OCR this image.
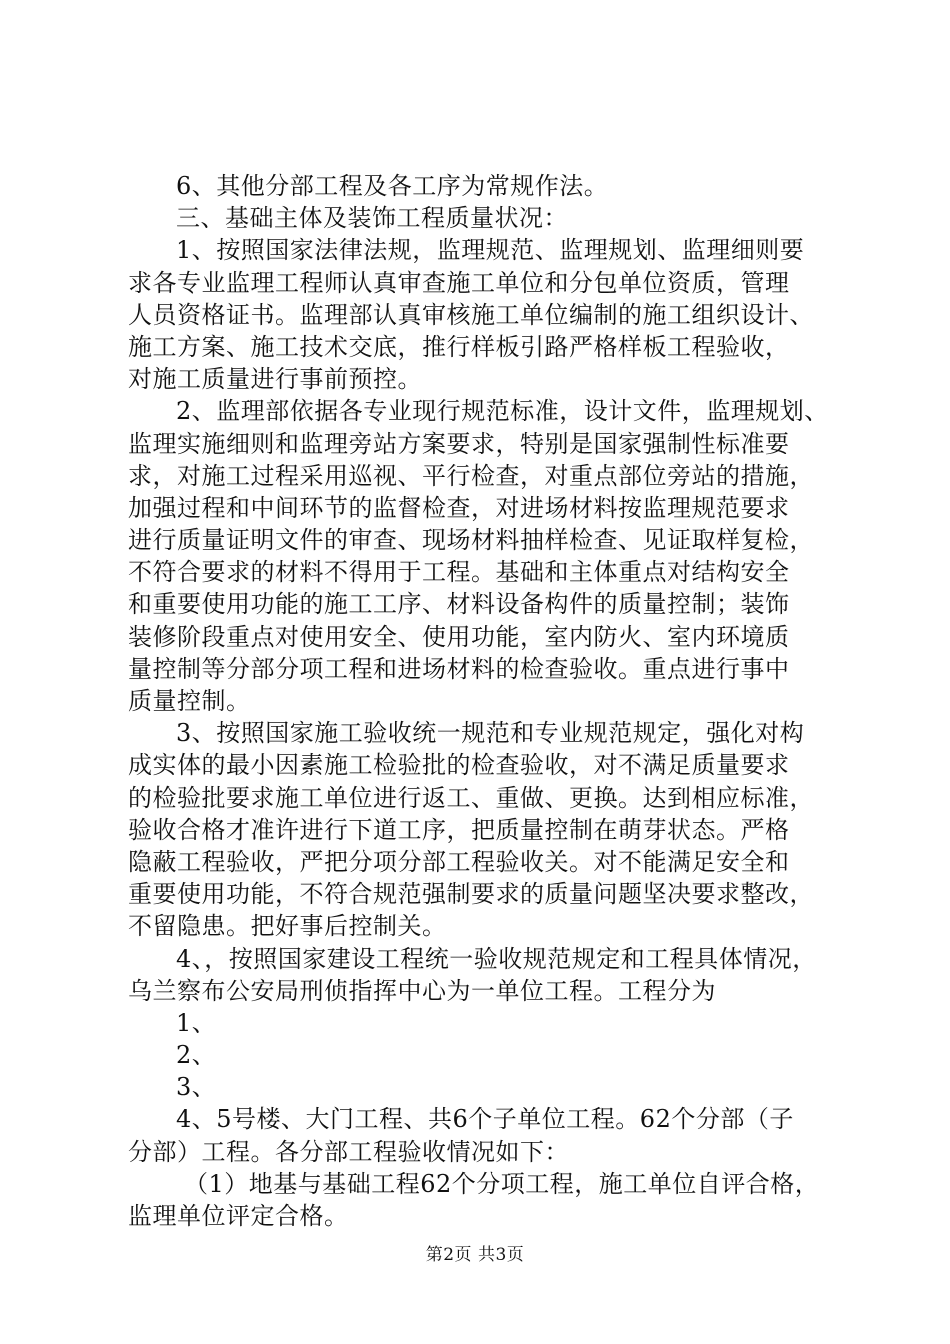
6、其他分部工程及各工序为常规作法。
三、基础主体及装饰工程质量状况：
1、按照国家法律法规，监理规范、监理规划、监理细则要
求各专业监理工程师认真审查施工单位和分包单位资质，管理
人员资格证书。监理部认真审核施工单位编制的施工组织设计、
施工方案、施工技术交底，推行样板引路严格样板工程验收，
对施工质量进行事前预控。
2、监理部依据各专业现行规范标准，设计文件，监理规划、
监理实施细则和监理旁站方案要求，特别是国家强制性标准要
求，对施工过程采用巡视、平行检查，对重点部位旁站的措施，
加强过程和中间环节的监督检查，对进场材料按监理规范要求
进行质量证明文件的审查、现场材料抽样检查、见证取样复检，
不符合要求的材料不得用于工程。基础和主体重点对结构安全
和重要使用功能的施工工序、材料设备构件的质量控制；装饰
装修阶段重点对使用安全、使用功能，室内防火、室内环境质
量控制等分部分项工程和进场材料的检查验收。重点进行事中
质量控制。
3、按照国家施工验收统一规范和专业规范规定，强化对构
成实体的最小因素施工检验批的检查验收，对不满足质量要求
的检验批要求施工单位进行返工、重做、更换。达到相应标准，
验收合格才准许进行下道工序，把质量控制在萌芽状态。严格
隐蔽工程验收，严把分项分部工程验收关。对不能满足安全和
重要使用功能，不符合规范强制要求的质量问题坚决要求整改，
不留隐患。把好事后控制关。
4、，按照国家建设工程统一验收规范规定和工程具体情况，
乌兰察布公安局刑侦指挥中心为一单位工程。工程分为
1、
2、
3、
4、5号楼、大门工程、共6个子单位工程。62个分部（子
分部）工程。各分部工程验收情况如下：
（1）地基与基础工程62个分项工程，施工单位自评合格，
监理单位评定合格。
第2页 共3页
